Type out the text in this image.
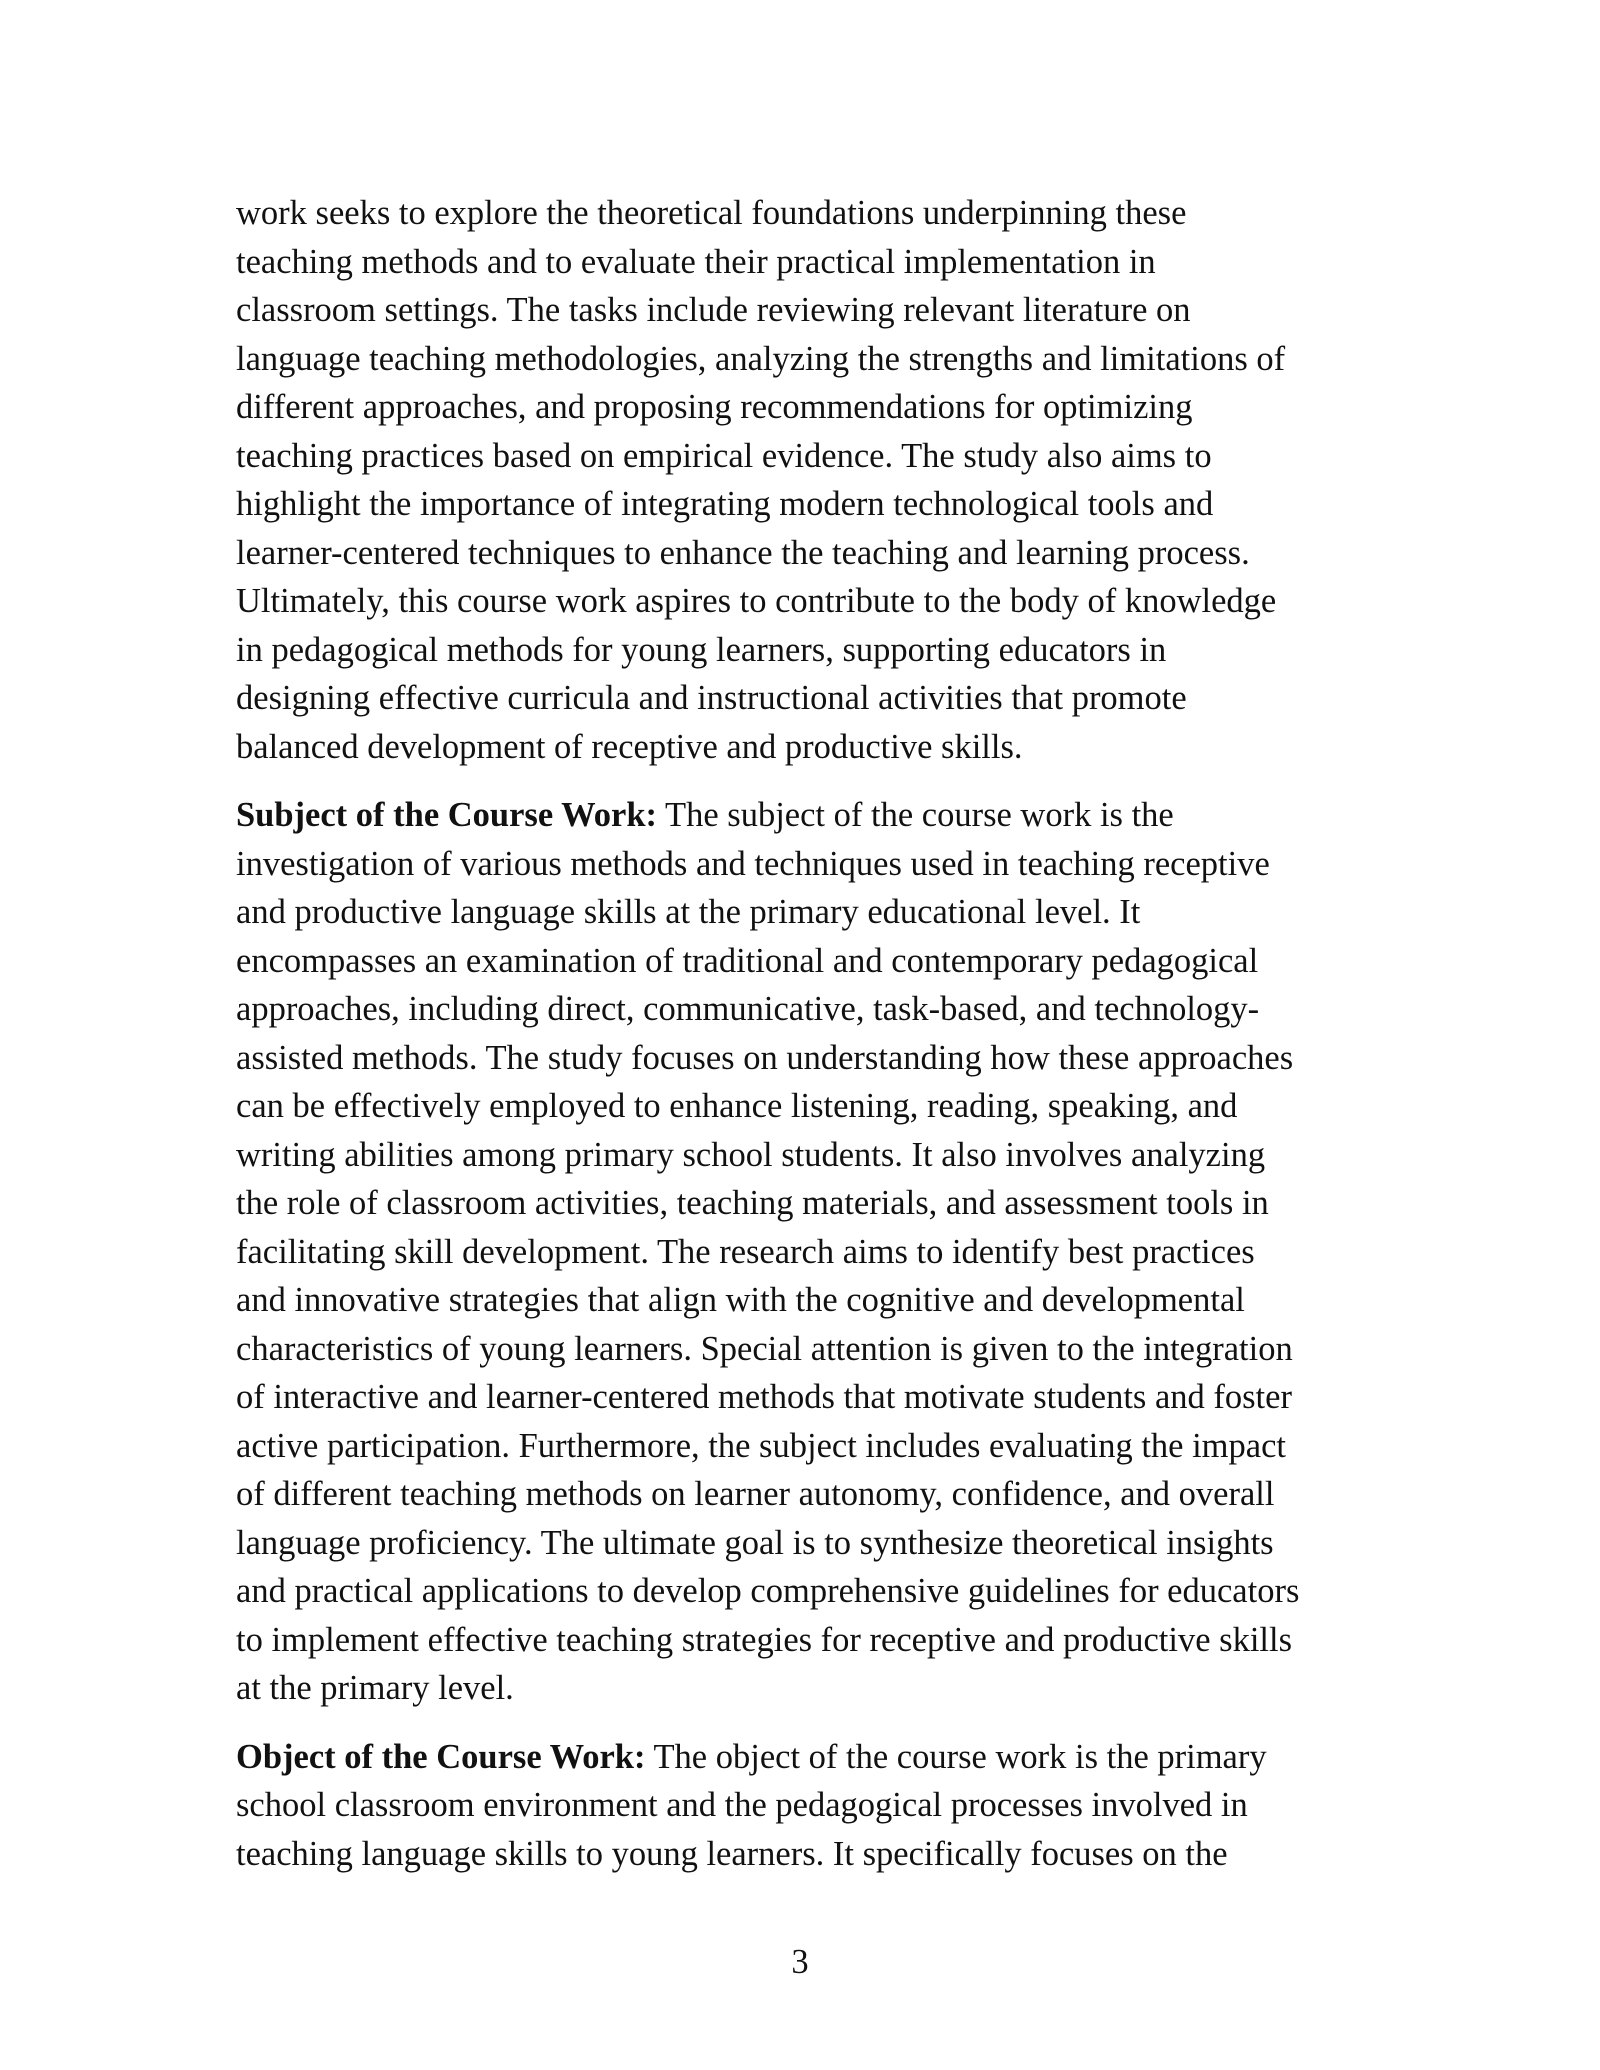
work seeks to explore the theoretical foundations underpinning these
teaching methods and to evaluate their practical implementation in
classroom settings. The tasks include reviewing relevant literature on
language teaching methodologies, analyzing the strengths and limitations of
different approaches, and proposing recommendations for optimizing
teaching practices based on empirical evidence. The study also aims to
highlight the importance of integrating modern technological tools and
learner-centered techniques to enhance the teaching and learning process.
Ultimately, this course work aspires to contribute to the body of knowledge
in pedagogical methods for young learners, supporting educators in
designing effective curricula and instructional activities that promote
balanced development of receptive and productive skills.
Subject of the Course Work: The subject of the course work is the
investigation of various methods and techniques used in teaching receptive
and productive language skills at the primary educational level. It
encompasses an examination of traditional and contemporary pedagogical
approaches, including direct, communicative, task-based, and technology-
assisted methods. The study focuses on understanding how these approaches
can be effectively employed to enhance listening, reading, speaking, and
writing abilities among primary school students. It also involves analyzing
the role of classroom activities, teaching materials, and assessment tools in
facilitating skill development. The research aims to identify best practices
and innovative strategies that align with the cognitive and developmental
characteristics of young learners. Special attention is given to the integration
of interactive and learner-centered methods that motivate students and foster
active participation. Furthermore, the subject includes evaluating the impact
of different teaching methods on learner autonomy, confidence, and overall
language proficiency. The ultimate goal is to synthesize theoretical insights
and practical applications to develop comprehensive guidelines for educators
to implement effective teaching strategies for receptive and productive skills
at the primary level.
Object of the Course Work: The object of the course work is the primary
school classroom environment and the pedagogical processes involved in
teaching language skills to young learners. It specifically focuses on the
3
